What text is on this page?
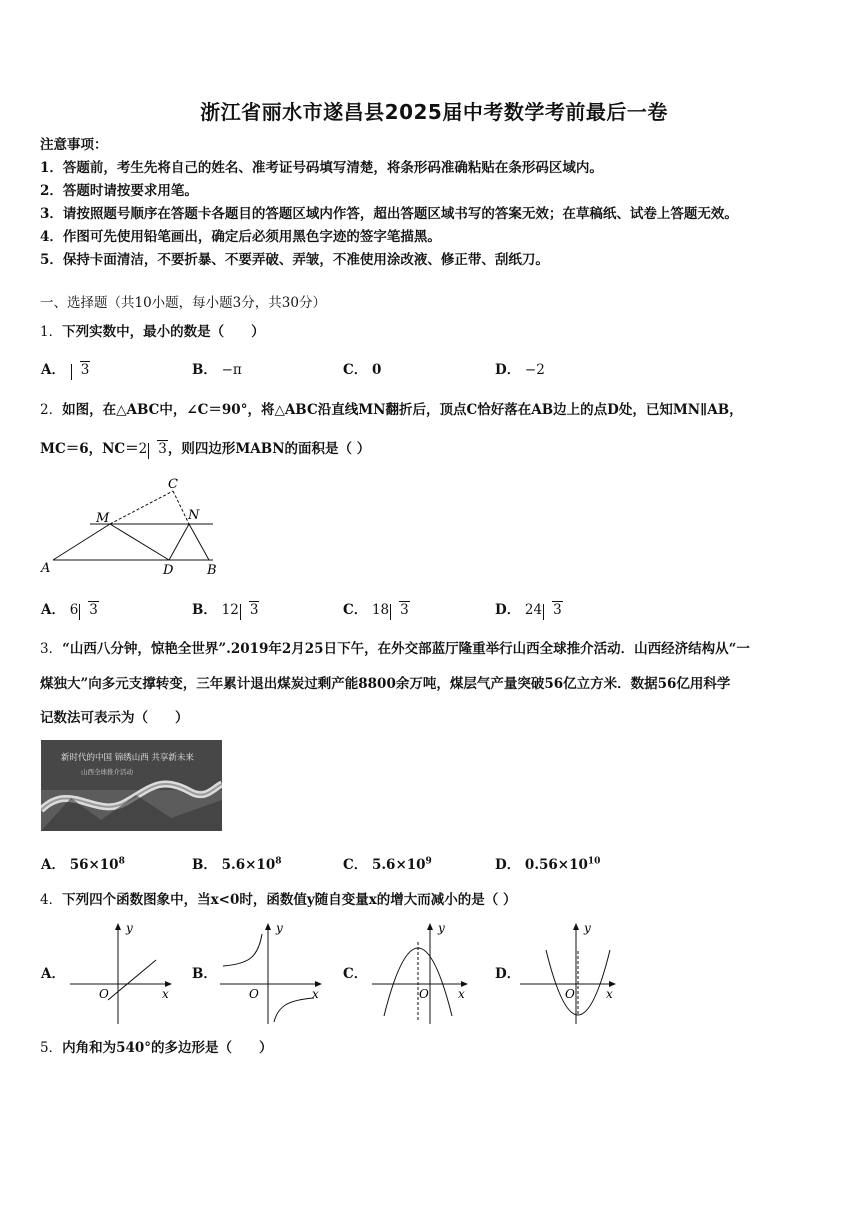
浙江省丽水市遂昌县2025届中考数学考前最后一卷
注意事项：
1．答题前，考生先将自己的姓名、准考证号码填写清楚，将条形码准确粘贴在条形码区域内。
2．答题时请按要求用笔。
3．请按照题号顺序在答题卡各题目的答题区域内作答，超出答题区域书写的答案无效；在草稿纸、试卷上答题无效。
4．作图可先使用铅笔画出，确定后必须用黑色字迹的签字笔描黑。
5．保持卡面清洁，不要折暴、不要弄破、弄皱，不准使用涂改液、修正带、刮纸刀。
一、选择题（共10小题，每小题3分，共30分）
1．下列实数中，最小的数是（　　）
A． 3	B． −π	C． 0	D． −2
2．如图，在△ABC中，∠C＝90°，将△ABC沿直线MN翻折后，顶点C恰好落在AB边上的点D处，已知MN∥AB，
MC＝6，NC＝2 3，则四边形MABN的面积是（ ）
A
M
C
N
D	B
A． 6 3	B． 12 3	C． 18 3	D． 24 3
3．“山西八分钟，惊艳全世界”.2019年2月25日下午，在外交部蓝厅隆重举行山西全球推介活动．山西经济结构从“一
煤独大”向多元支撑转变，三年累计退出煤炭过剩产能8800余万吨，煤层气产量突破56亿立方米．数据56亿用科学
记数法可表示为（　　）
新时代的中国 锦绣山西 共享新未来
山西全球推介活动
A． $56\times 10^8$	B． $5.6\times 10^8$	C． $5.6\times 10^9$	D． $0.56\times 10^{10}$
4．下列四个函数图象中，当x<0时，函数值y随自变量x的增大而减小的是（ ）
A．	B．	C．	D．
y
x
O
y
x
O
y
x
O
y
x
O
5．内角和为540°的多边形是（　　）
